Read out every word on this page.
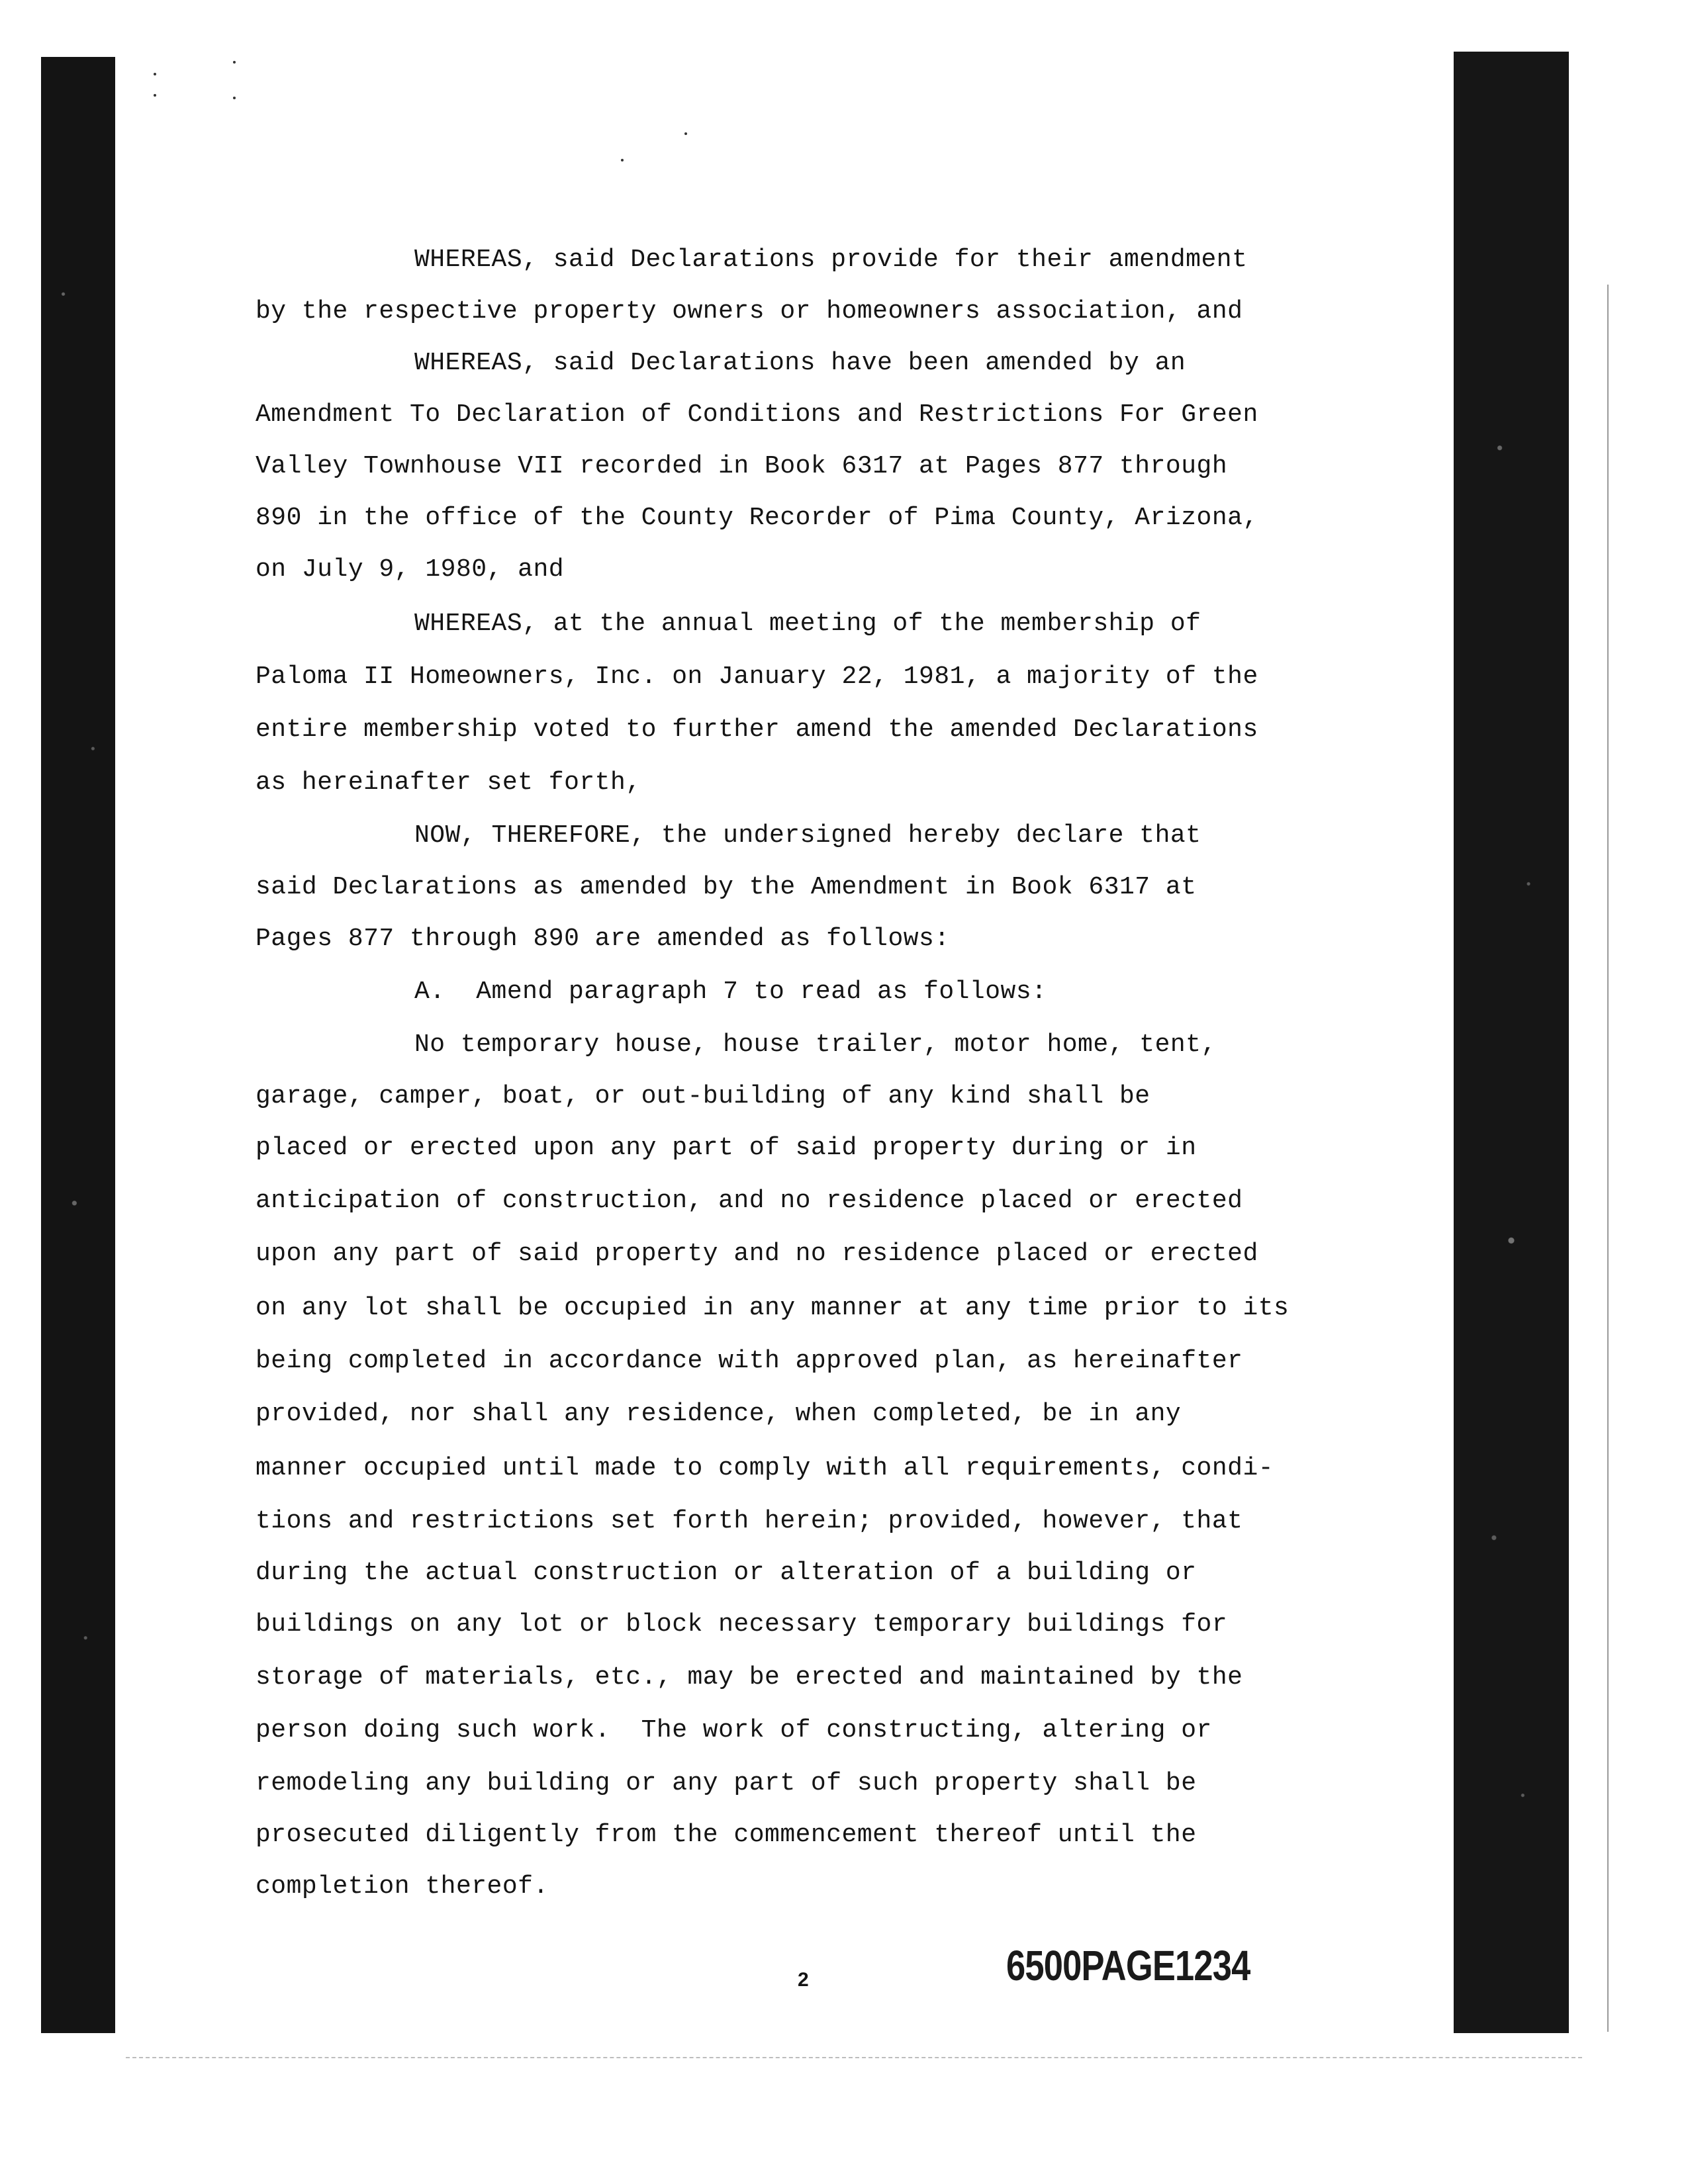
WHEREAS, said Declarations provide for their amendment
by the respective property owners or homeowners association, and
WHEREAS, said Declarations have been amended by an
Amendment To Declaration of Conditions and Restrictions For Green
Valley Townhouse VII recorded in Book 6317 at Pages 877 through
890 in the office of the County Recorder of Pima County, Arizona,
on July 9, 1980, and
WHEREAS, at the annual meeting of the membership of
Paloma II Homeowners, Inc. on January 22, 1981, a majority of the
entire membership voted to further amend the amended Declarations
as hereinafter set forth,
NOW, THEREFORE, the undersigned hereby declare that
said Declarations as amended by the Amendment in Book 6317 at
Pages 877 through 890 are amended as follows:
A.  Amend paragraph 7 to read as follows:
No temporary house, house trailer, motor home, tent,
garage, camper, boat, or out-building of any kind shall be
placed or erected upon any part of said property during or in
anticipation of construction, and no residence placed or erected
upon any part of said property and no residence placed or erected
on any lot shall be occupied in any manner at any time prior to its
being completed in accordance with approved plan, as hereinafter
provided, nor shall any residence, when completed, be in any
manner occupied until made to comply with all requirements, condi-
tions and restrictions set forth herein; provided, however, that
during the actual construction or alteration of a building or
buildings on any lot or block necessary temporary buildings for
storage of materials, etc., may be erected and maintained by the
person doing such work.  The work of constructing, altering or
remodeling any building or any part of such property shall be
prosecuted diligently from the commencement thereof until the
completion thereof.
2	6500PAGE1234
